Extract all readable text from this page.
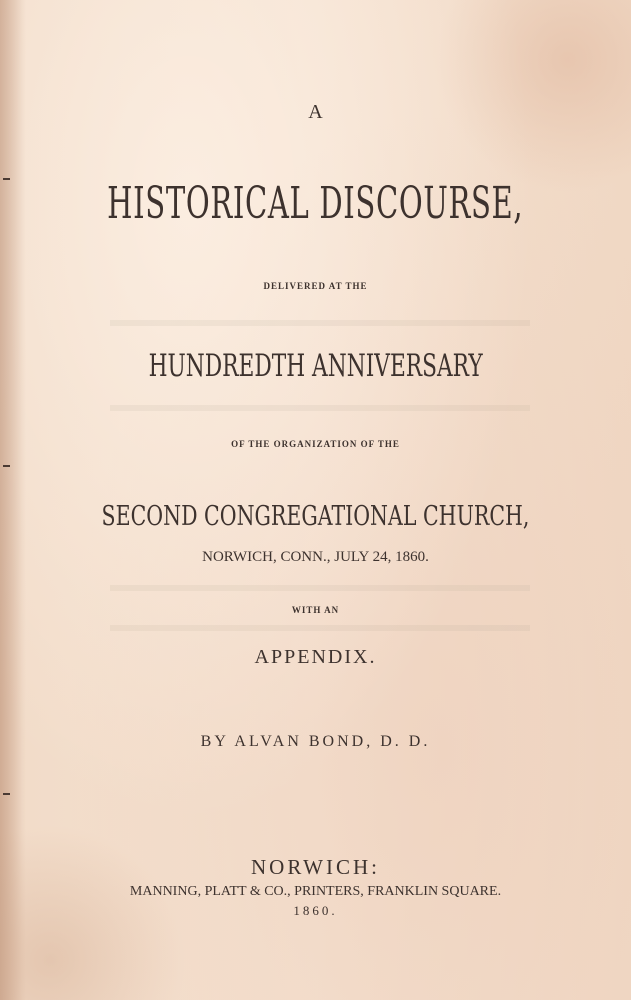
A
HISTORICAL DISCOURSE,
DELIVERED AT THE
HUNDREDTH ANNIVERSARY
OF THE ORGANIZATION OF THE
SECOND CONGREGATIONAL CHURCH,
NORWICH, CONN., JULY 24, 1860.
WITH AN
APPENDIX.
BY ALVAN BOND, D. D.
NORWICH:
MANNING, PLATT & CO., PRINTERS, FRANKLIN SQUARE.
1860.
